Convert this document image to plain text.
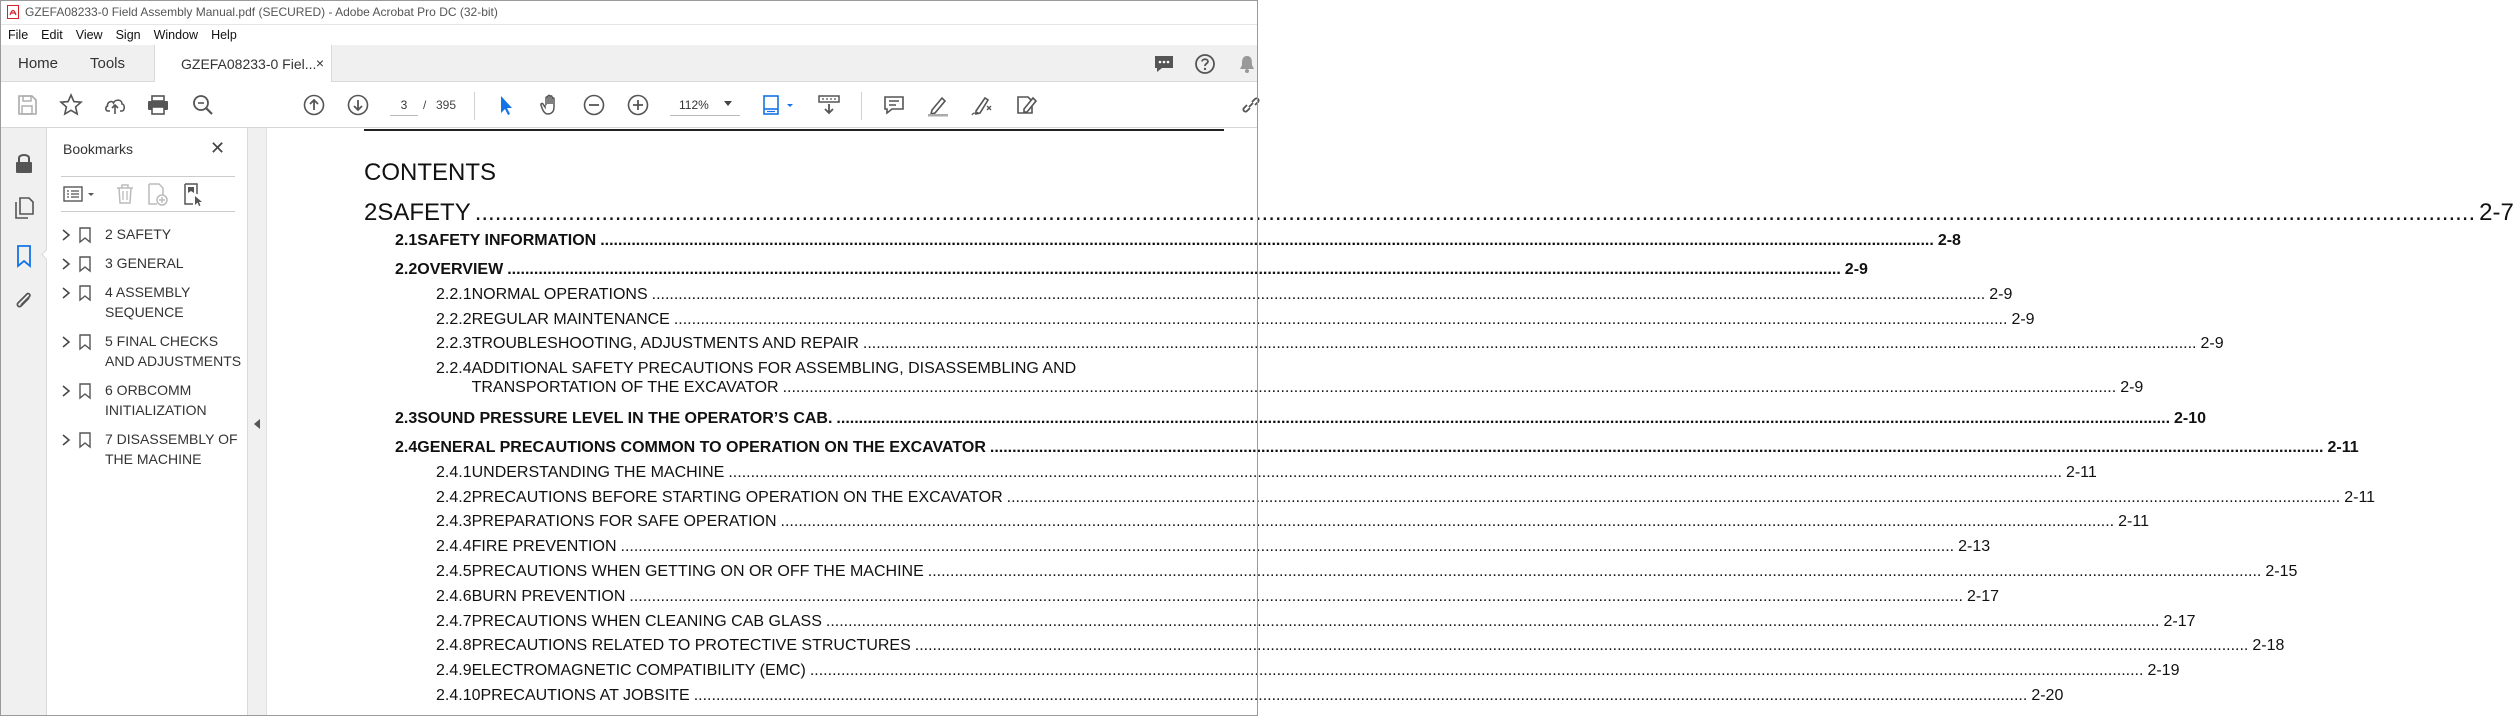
GZEFA08233-0 Field Assembly Manual.pdf (SECURED) - Adobe Acrobat Pro DC (32-bit)
File	Edit	View	Sign	Window	Help
Home Tools	GZEFA08233-0 Fiel... ×
3
/ 395	112%
Bookmarks	✕
2 SAFETY
3 GENERAL
4 ASSEMBLY SEQUENCE
5 FINAL CHECKS AND ADJUSTMENTS
6 ORBCOMM INITIALIZATION
7 DISASSEMBLY OF THE MACHINE
CONTENTS
2 SAFETY ............................................................................................................................................................................................................................................................................................................ 2-7
2.1 SAFETY INFORMATION ............................................................................................................................................................................................................................................................................................................ 2-8
2.2 OVERVIEW ............................................................................................................................................................................................................................................................................................................ 2-9
2.2.1 NORMAL OPERATIONS ............................................................................................................................................................................................................................................................................................................ 2-9
2.2.2 REGULAR MAINTENANCE ............................................................................................................................................................................................................................................................................................................ 2-9
2.2.3 TROUBLESHOOTING, ADJUSTMENTS AND REPAIR ............................................................................................................................................................................................................................................................................................................ 2-9
2.2.4 ADDITIONAL SAFETY PRECAUTIONS FOR ASSEMBLING, DISASSEMBLING AND
TRANSPORTATION OF THE EXCAVATOR ............................................................................................................................................................................................................................................................................................................ 2-9
2.3 SOUND PRESSURE LEVEL IN THE OPERATOR’S CAB. ............................................................................................................................................................................................................................................................................................................ 2-10
2.4 GENERAL PRECAUTIONS COMMON TO OPERATION ON THE EXCAVATOR ............................................................................................................................................................................................................................................................................................................ 2-11
2.4.1 UNDERSTANDING THE MACHINE ............................................................................................................................................................................................................................................................................................................ 2-11
2.4.2 PRECAUTIONS BEFORE STARTING OPERATION ON THE EXCAVATOR ............................................................................................................................................................................................................................................................................................................ 2-11
2.4.3 PREPARATIONS FOR SAFE OPERATION ............................................................................................................................................................................................................................................................................................................ 2-11
2.4.4 FIRE PREVENTION ............................................................................................................................................................................................................................................................................................................ 2-13
2.4.5 PRECAUTIONS WHEN GETTING ON OR OFF THE MACHINE ............................................................................................................................................................................................................................................................................................................ 2-15
2.4.6 BURN PREVENTION ............................................................................................................................................................................................................................................................................................................ 2-17
2.4.7 PRECAUTIONS WHEN CLEANING CAB GLASS ............................................................................................................................................................................................................................................................................................................ 2-17
2.4.8 PRECAUTIONS RELATED TO PROTECTIVE STRUCTURES ............................................................................................................................................................................................................................................................................................................ 2-18
2.4.9 ELECTROMAGNETIC COMPATIBILITY (EMC) ............................................................................................................................................................................................................................................................................................................ 2-19
2.4.10 PRECAUTIONS AT JOBSITE ............................................................................................................................................................................................................................................................................................................ 2-20
